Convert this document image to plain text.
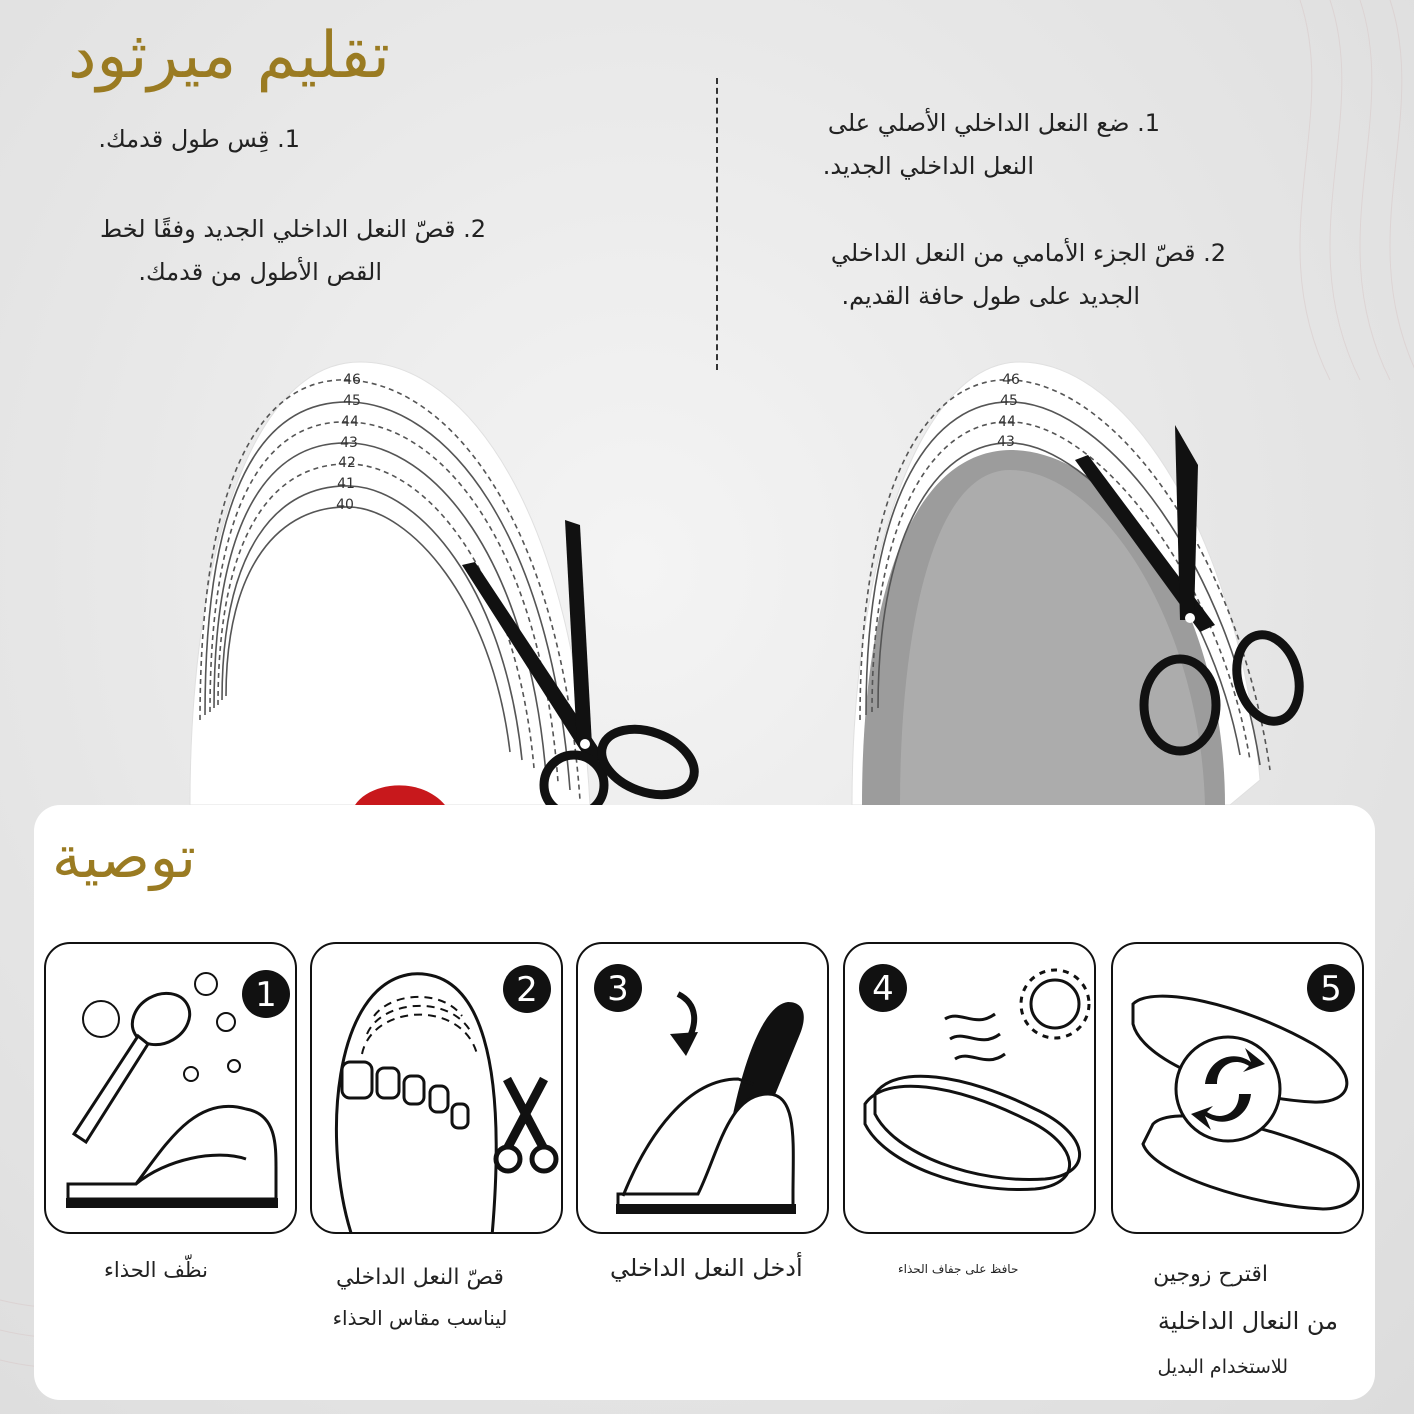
تقليم ميرثود
1. قِس طول قدمك.
2. قصّ النعل الداخلي الجديد وفقًا لخط
القص الأطول من قدمك.
1. ضع النعل الداخلي الأصلي على
النعل الداخلي الجديد.
2. قصّ الجزء الأمامي من النعل الداخلي
الجديد على طول حافة القديم.
46
45
44
43
42
41
40
46
45
44
43
توصية
1	2 3	4	5
نظّف الحذاء	قصّ النعل الداخلي
ليناسب مقاس الحذاء
أدخل النعل الداخلي	حافظ على جفاف الحذاء	اقترح زوجين
من النعال الداخلية
للاستخدام البديل
